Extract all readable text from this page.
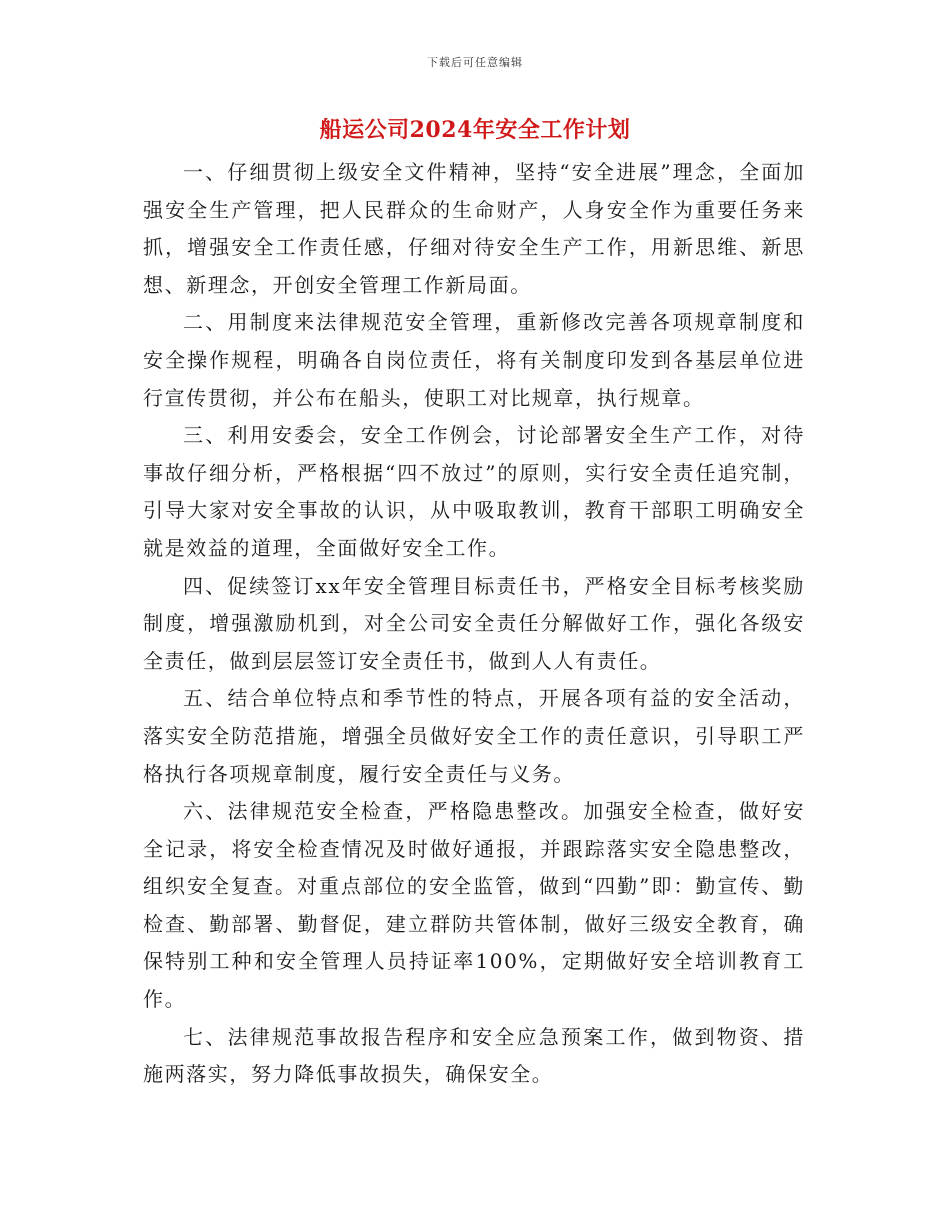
下载后可任意编辑
船运公司2024年安全工作计划

一、仔细贯彻上级安全文件精神，坚持“安全进展”理念，全面加强安全生产管理，把人民群众的生命财产，人身安全作为重要任务来抓，增强安全工作责任感，仔细对待安全生产工作，用新思维、新思想、新理念，开创安全管理工作新局面。

二、用制度来法律规范安全管理，重新修改完善各项规章制度和安全操作规程，明确各自岗位责任，将有关制度印发到各基层单位进行宣传贯彻，并公布在船头，使职工对比规章，执行规章。

三、利用安委会，安全工作例会，讨论部署安全生产工作，对待事故仔细分析，严格根据“四不放过”的原则，实行安全责任追究制，引导大家对安全事故的认识，从中吸取教训，教育干部职工明确安全就是效益的道理，全面做好安全工作。

四、促续签订xx年安全管理目标责任书，严格安全目标考核奖励制度，增强激励机到，对全公司安全责任分解做好工作，强化各级安全责任，做到层层签订安全责任书，做到人人有责任。

五、结合单位特点和季节性的特点，开展各项有益的安全活动，落实安全防范措施，增强全员做好安全工作的责任意识，引导职工严格执行各项规章制度，履行安全责任与义务。

六、法律规范安全检查，严格隐患整改。加强安全检查，做好安全记录，将安全检查情况及时做好通报，并跟踪落实安全隐患整改，组织安全复查。对重点部位的安全监管，做到“四勤”即：勤宣传、勤检查、勤部署、勤督促，建立群防共管体制，做好三级安全教育，确保特别工种和安全管理人员持证率100%，定期做好安全培训教育工作。

七、法律规范事故报告程序和安全应急预案工作，做到物资、措施两落实，努力降低事故损失，确保安全。
